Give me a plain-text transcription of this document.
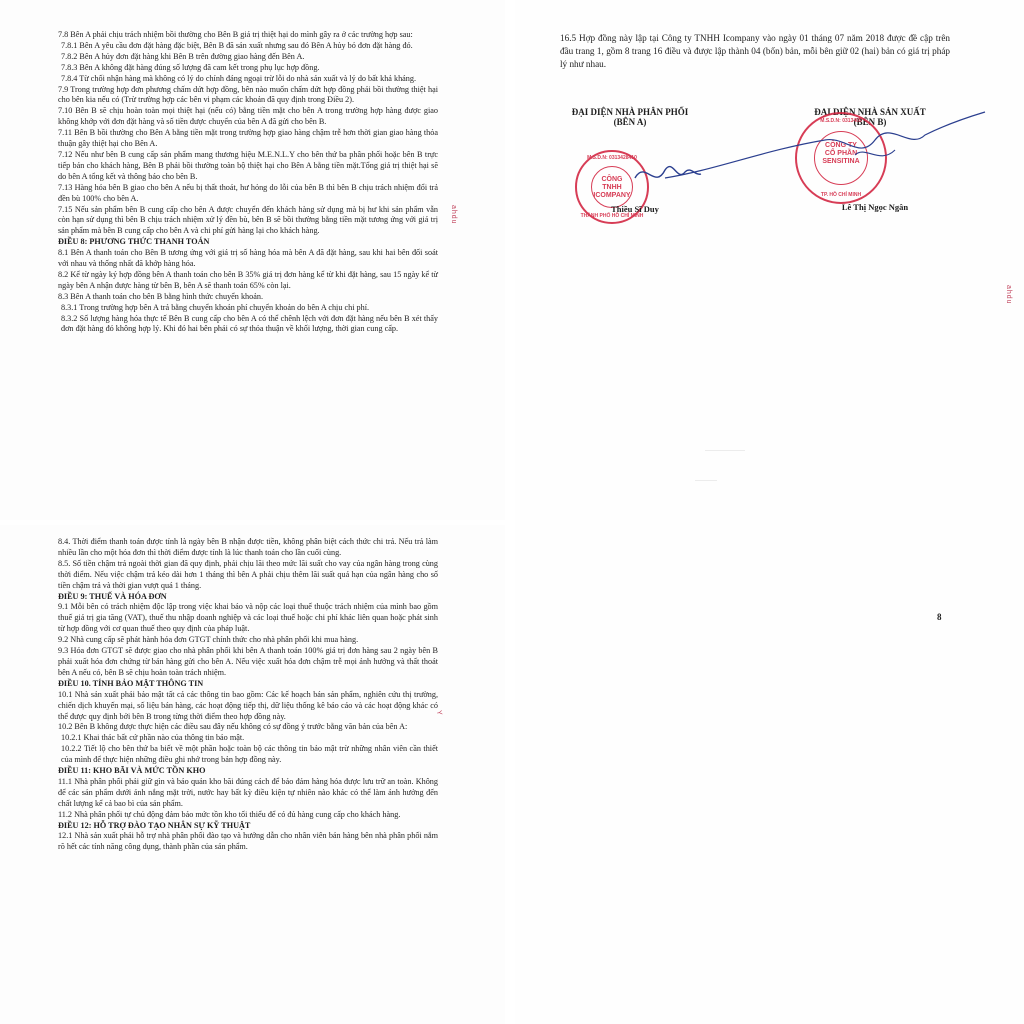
7.8 Bên A phải chịu trách nhiệm bồi thường cho Bên B giá trị thiệt hại do mình gây ra ở các trường hợp sau:

7.8.1 Bên A yêu cầu đơn đặt hàng đặc biệt, Bên B đã sản xuất nhưng sau đó Bên A hủy bỏ đơn đặt hàng đó.

7.8.2 Bên A hủy đơn đặt hàng khi Bên B trên đường giao hàng đến Bên A.

7.8.3 Bên A không đặt hàng đúng số lượng đã cam kết trong phụ lục hợp đồng.

7.8.4 Từ chối nhận hàng mà không có lý do chính đáng ngoại trừ lỗi do nhà sản xuất và lý do bất khả kháng.

7.9 Trong trường hợp đơn phương chấm dứt hợp đồng, bên nào muốn chấm dứt hợp đồng phải bồi thường thiệt hại cho bên kia nếu có (Trừ trường hợp các bên vi phạm các khoản đã quy định trong Điều 2).

7.10 Bên B sẽ chịu hoàn toàn mọi thiệt hại (nếu có) bằng tiền mặt cho bên A trong trường hợp hàng được giao không khớp với đơn đặt hàng và số tiền được chuyển của bên A đã gửi cho bên B.

7.11 Bên B bồi thường cho Bên A bằng tiền mặt trong trường hợp giao hàng chậm trễ hơn thời gian giao hàng thỏa thuận gây thiệt hại cho Bên A.

7.12 Nếu như bên B cung cấp sản phẩm mang thương hiệu M.E.N.L.Y cho bên thứ ba phân phối hoặc bên B trực tiếp bán cho khách hàng, Bên B phải bồi thường toàn bộ thiệt hại cho Bên A bằng tiền mặt.Tổng giá trị thiệt hại sẽ do bên A tổng kết và thông báo cho bên B.

7.13 Hàng hóa bên B giao cho bên A nếu bị thất thoát, hư hỏng do lỗi của bên B thì bên B chịu trách nhiệm đổi trả đền bù 100% cho bên A.

7.15 Nếu sản phẩm bên B cung cấp cho bên A được chuyển đến khách hàng sử dụng mà bị hư khi sản phẩm vẫn còn hạn sử dụng thì bên B chịu trách nhiệm xử lý đền bù, bên B sẽ bồi thường bằng tiền mặt tương ứng với giá trị sản phẩm mà bên B cung cấp cho bên A và chi phí gửi hàng lại cho khách hàng.

ĐIỀU 8: PHƯƠNG THỨC THANH TOÁN

8.1 Bên A thanh toán cho Bên B tương ứng với giá trị số hàng hóa mà bên A đã đặt hàng, sau khi hai bên đối soát với nhau và thống nhất đã khớp hàng hóa.

8.2 Kể từ ngày ký hợp đồng bên A thanh toán cho bên B 35% giá trị đơn hàng kể từ khi đặt hàng, sau 15 ngày kể từ ngày bên A nhận được hàng từ bên B, bên A sẽ thanh toán 65% còn lại.

8.3 Bên A thanh toán cho bên B bằng hình thức chuyển khoản.

8.3.1 Trong trường hợp bên A trả bằng chuyển khoản phí chuyển khoản do bên A chịu chi phí.

8.3.2 Số lượng hàng hóa thực tế Bên B cung cấp cho bên A có thể chênh lệch với đơn đặt hàng nếu bên B xét thấy đơn đặt hàng đó không hợp lý. Khi đó hai bên phải có sự thỏa thuận về khối lượng, thời gian cung cấp.

ahdu

8.4. Thời điểm thanh toán được tính là ngày bên B nhận được tiền, không phân biệt cách thức chi trả. Nếu trả làm nhiều lần cho một hóa đơn thì thời điểm được tính là lúc thanh toán cho lần cuối cùng.

8.5. Số tiền chậm trả ngoài thời gian đã quy định, phải chịu lãi theo mức lãi suất cho vay của ngân hàng trong cùng thời điểm. Nếu việc chậm trả kéo dài hơn 1 tháng thì bên A phải chịu thêm lãi suất quá hạn của ngân hàng cho số tiền chậm trả và thời gian vượt quá 1 tháng.

ĐIỀU 9: THUẾ VÀ HÓA ĐƠN

9.1 Mỗi bên có trách nhiệm độc lập trong việc khai báo và nộp các loại thuế thuộc trách nhiệm của mình bao gồm thuế giá trị gia tăng (VAT), thuế thu nhập doanh nghiệp và các loại thuế hoặc chi phí khác liên quan hoặc phát sinh từ hợp đồng với cơ quan thuế theo quy định của pháp luật.

9.2 Nhà cung cấp sẽ phát hành hóa đơn GTGT chính thức cho nhà phân phối khi mua hàng.

9.3 Hóa đơn GTGT sẽ được giao cho nhà phân phối khi bên A thanh toán 100% giá trị đơn hàng sau 2 ngày bên B phải xuất hóa đơn chứng từ bán hàng gửi cho bên A. Nếu việc xuất hóa đơn chậm trễ mọi ảnh hưởng và thất thoát bên A nếu có, bên B sẽ chịu hoàn toàn trách nhiệm.

ĐIỀU 10. TÍNH BẢO MẬT THÔNG TIN

10.1 Nhà sản xuất phải bảo mật tất cả các thông tin bao gồm: Các kế hoạch bán sản phẩm, nghiên cứu thị trường, chiến dịch khuyến mại, số liệu bán hàng, các hoạt động tiếp thị, dữ liệu thống kê báo cáo và các hoạt động khác có thể được quy định bởi bên B trong từng thời điểm theo hợp đồng này.

10.2 Bên B không được thực hiện các điều sau đây nếu không có sự đồng ý trước bằng văn bản của bên A:

10.2.1 Khai thác bất cứ phần nào của thông tin bảo mật.

10.2.2 Tiết lộ cho bên thứ ba biết về một phần hoặc toàn bộ các thông tin bảo mật trừ những nhân viên cần thiết của mình để thực hiện những điều ghi nhớ trong bản hợp đồng này.

ĐIỀU 11: KHO BÃI VÀ MỨC TỒN KHO

11.1 Nhà phân phối phải giữ gìn và bảo quản kho bãi đúng cách để bảo đảm hàng hóa được lưu trữ an toàn. Không để các sản phẩm dưới ánh nắng mặt trời, nước hay bất kỳ điều kiện tự nhiên nào khác có thể làm ảnh hưởng đến chất lượng kể cả bao bì của sản phẩm.

11.2 Nhà phân phối tự chủ động đảm bảo mức tồn kho tối thiểu để có đủ hàng cung cấp cho khách hàng.

ĐIỀU 12: HỖ TRỢ ĐÀO TẠO NHÂN SỰ KỸ THUẬT

12.1 Nhà sản xuất phải hỗ trợ nhà phân phối đào tạo và hướng dẫn cho nhân viên bán hàng bên nhà phân phối nắm rõ hết các tính năng công dụng, thành phần của sản phẩm.

Y
16.5 Hợp đồng này lập tại Công ty TNHH Icompany vào ngày 01 tháng 07 năm 2018 được đề cập trên đầu trang 1, gồm 8 trang 16 điều và được lập thành 04 (bốn) bản, mỗi bên giữ 02 (hai) bản có giá trị pháp lý như nhau.
ĐẠI DIỆN NHÀ PHÂN PHỐI
(BÊN A)
ĐẠI DIỆN NHÀ SẢN XUẤT
(BÊN B)
M.S.D.N: 0313428410
CÔNG
TNHH
ICOMPANY
THÀNH PHỐ HỒ CHÍ MINH
M.S.D.N: 0313405
CÔNG TY
CỔ PHẦN
SENSITINA
TP. HỒ CHÍ MINH
Thiều Sĩ Duy	Lê Thị Ngọc Ngân
ahdu
8
